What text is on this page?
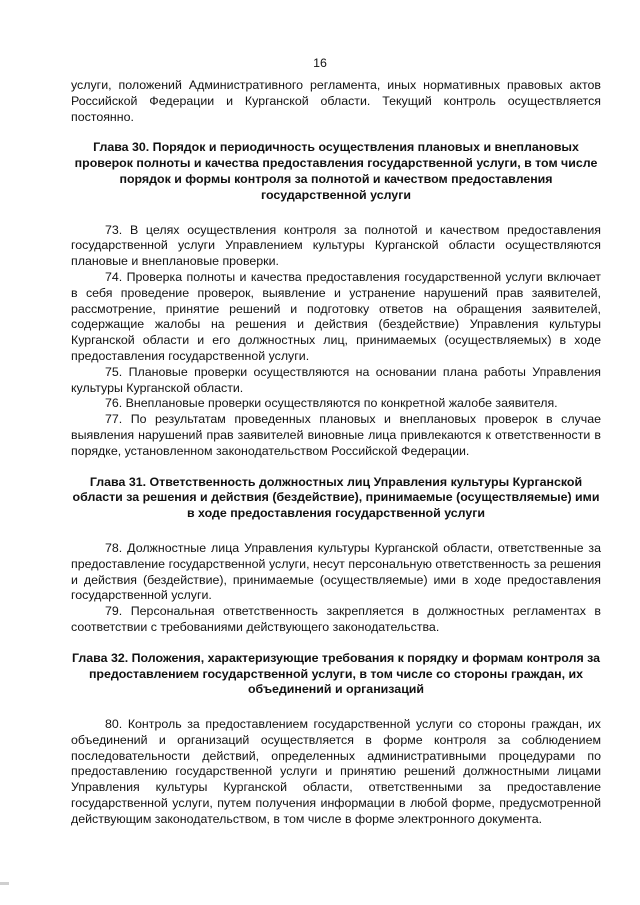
16

услуги, положений Административного регламента, иных нормативных правовых актов Российской Федерации и Курганской области. Текущий контроль осуществляется постоянно.

Глава 30. Порядок и периодичность осуществления плановых и внеплановых проверок полноты и качества предоставления государственной услуги, в том числе порядок и формы контроля за полнотой и качеством предоставления государственной услуги

73. В целях осуществления контроля за полнотой и качеством предоставления государственной услуги Управлением культуры Курганской области осуществляются плановые и внеплановые проверки.

74. Проверка полноты и качества предоставления государственной услуги включает в себя проведение проверок, выявление и устранение нарушений прав заявителей, рассмотрение, принятие решений и подготовку ответов на обращения заявителей, содержащие жалобы на решения и действия (бездействие) Управления культуры Курганской области и его должностных лиц, принимаемых (осуществляемых) в ходе предоставления государственной услуги.

75. Плановые проверки осуществляются на основании плана работы Управления культуры Курганской области.

76. Внеплановые проверки осуществляются по конкретной жалобе заявителя.

77. По результатам проведенных плановых и внеплановых проверок в случае выявления нарушений прав заявителей виновные лица привлекаются к ответственности в порядке, установленном законодательством Российской Федерации.

Глава 31. Ответственность должностных лиц Управления культуры Курганской области за решения и действия (бездействие), принимаемые (осуществляемые) ими в ходе предоставления государственной услуги

78. Должностные лица Управления культуры Курганской области, ответственные за предоставление государственной услуги, несут персональную ответственность за решения и действия (бездействие), принимаемые (осуществляемые) ими в ходе предоставления государственной услуги.

79. Персональная ответственность закрепляется в должностных регламентах в соответствии с требованиями действующего законодательства.

Глава 32. Положения, характеризующие требования к порядку и формам контроля за предоставлением государственной услуги, в том числе со стороны граждан, их объединений и организаций

80. Контроль за предоставлением государственной услуги со стороны граждан, их объединений и организаций осуществляется в форме контроля за соблюдением последовательности действий, определенных административными процедурами по предоставлению государственной услуги и принятию решений должностными лицами Управления культуры Курганской области, ответственными за предоставление государственной услуги, путем получения информации в любой форме, предусмотренной действующим законодательством, в том числе в форме электронного документа.
